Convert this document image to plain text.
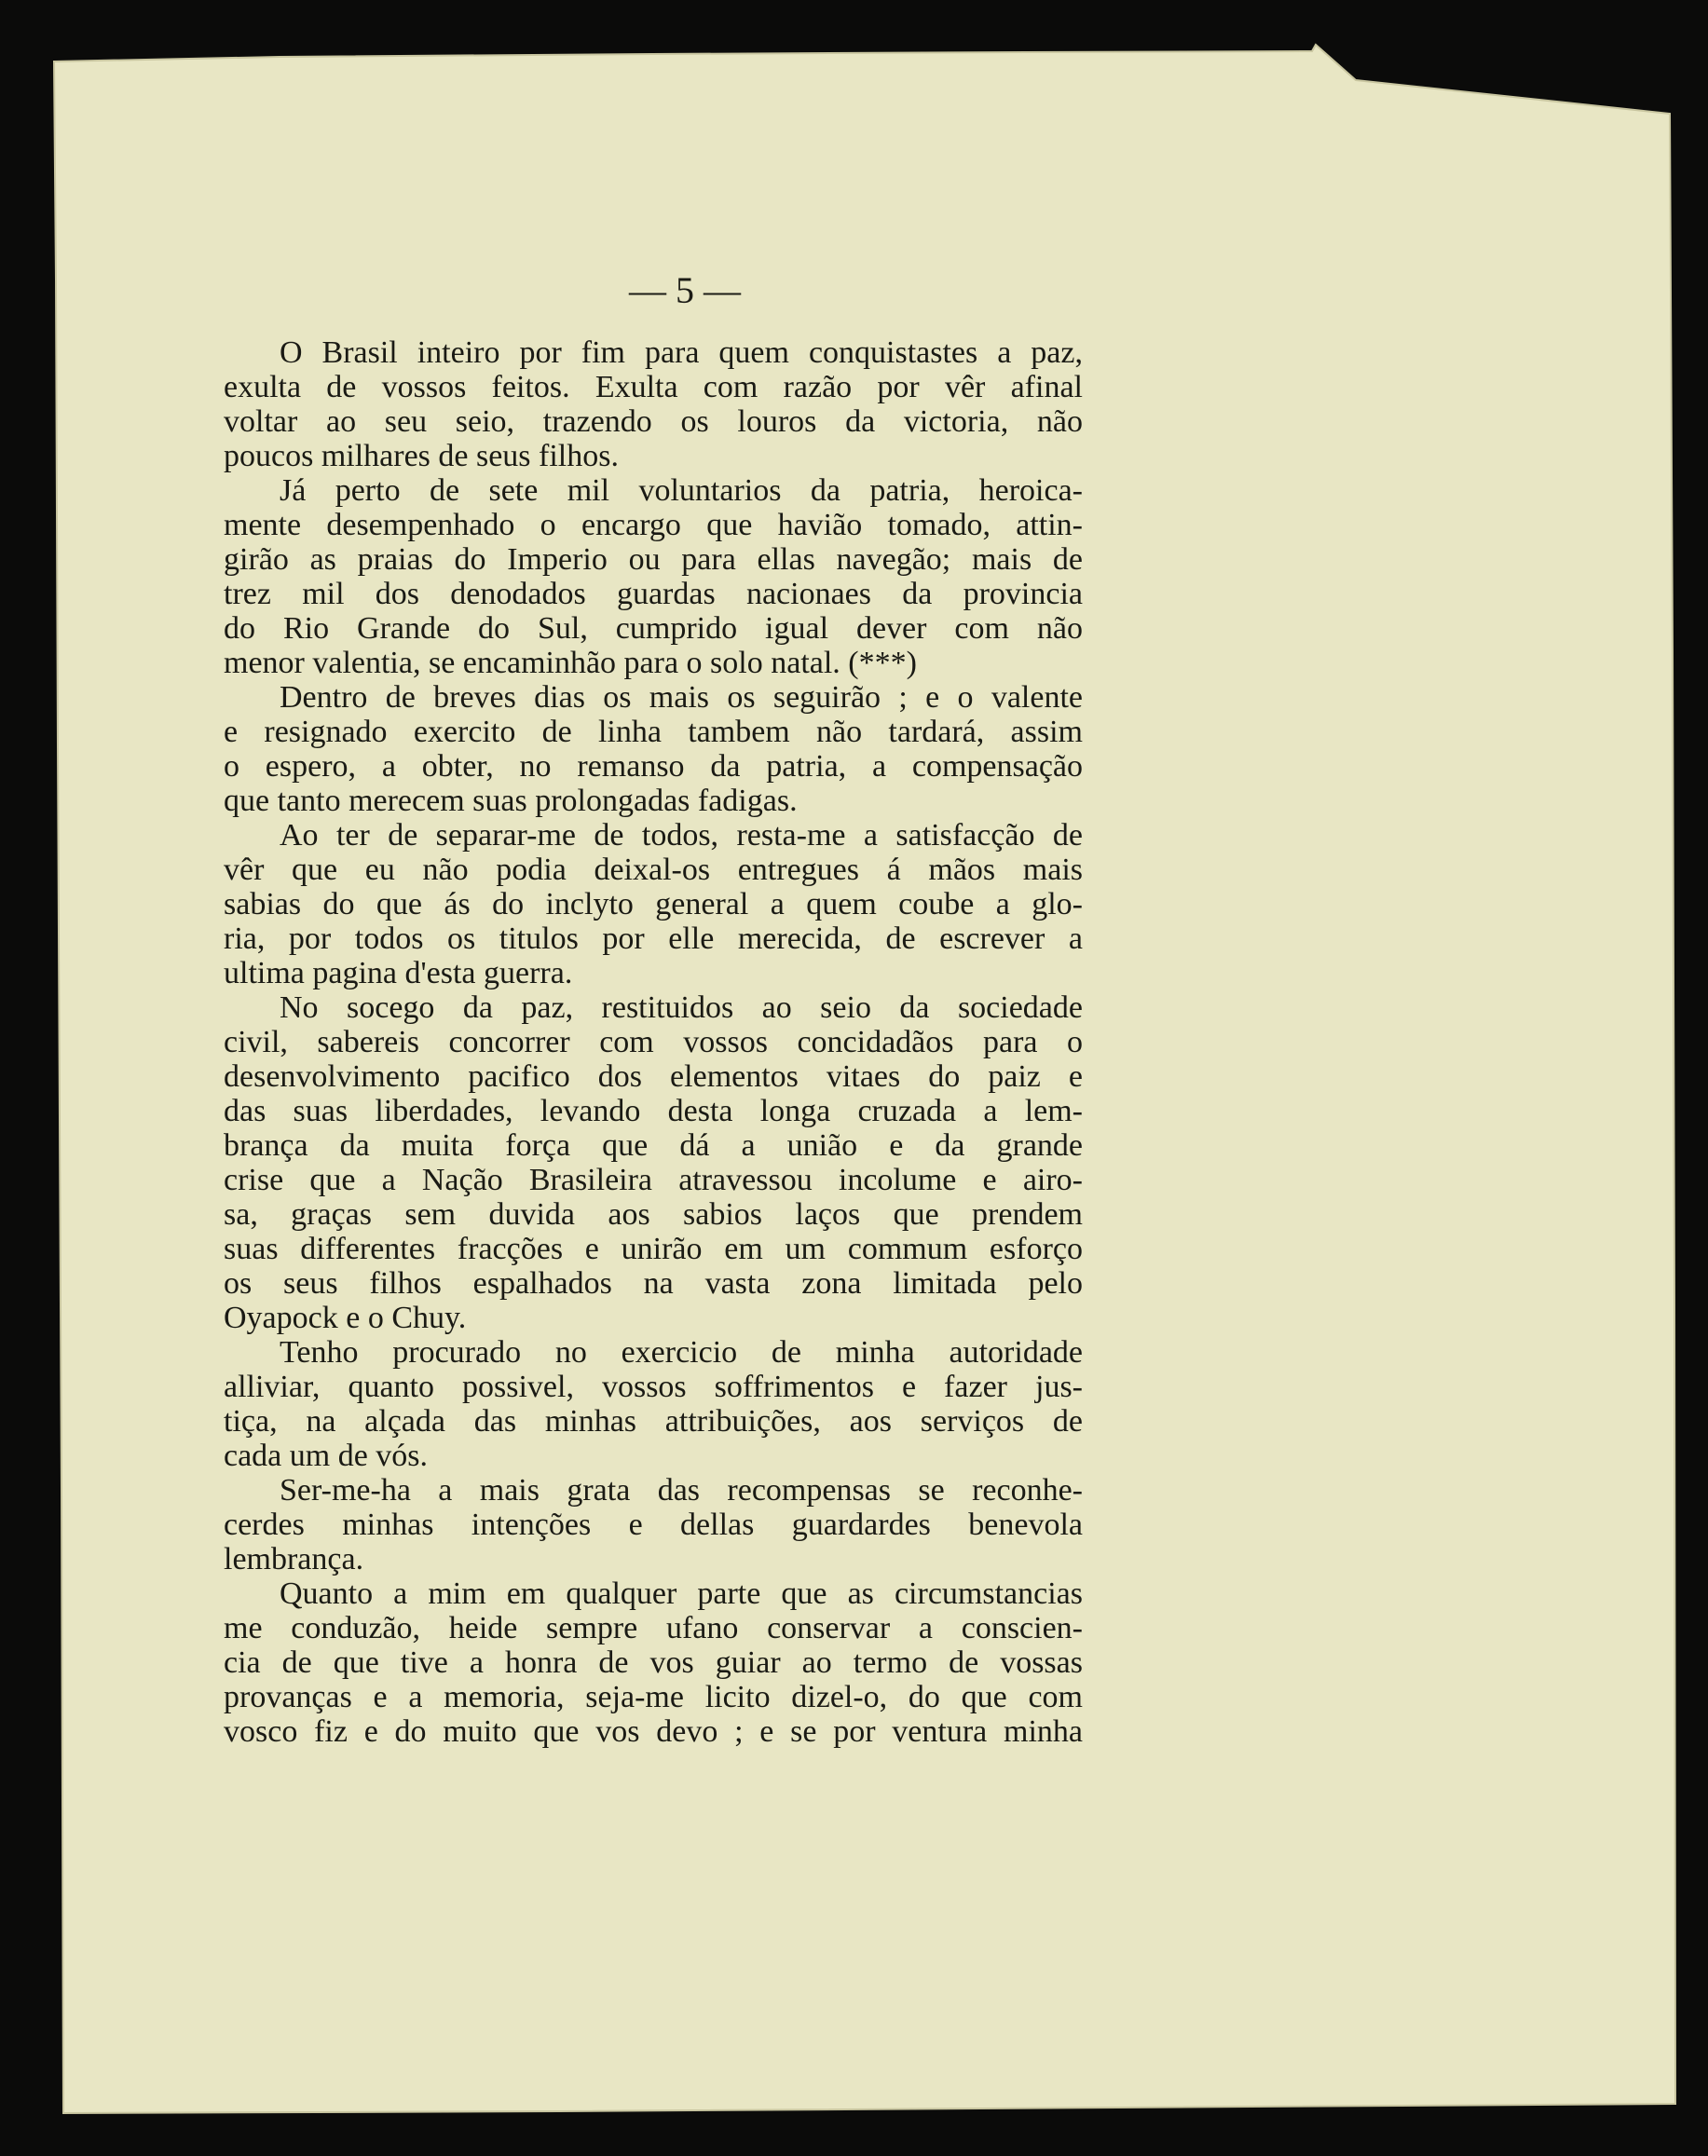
— 5 —
O Brasil inteiro por fim para quem conquistastes a paz,
exulta de vossos feitos. Exulta com razão por vêr afinal
voltar ao seu seio, trazendo os louros da victoria, não
poucos milhares de seus filhos.
Já perto de sete mil voluntarios da patria, heroica-
mente desempenhado o encargo que havião tomado, attin-
girão as praias do Imperio ou para ellas navegão; mais de
trez mil dos denodados guardas nacionaes da provincia
do Rio Grande do Sul, cumprido igual dever com não
menor valentia, se encaminhão para o solo natal. (***)
Dentro de breves dias os mais os seguirão ; e o valente
e resignado exercito de linha tambem não tardará, assim
o espero, a obter, no remanso da patria, a compensação
que tanto merecem suas prolongadas fadigas.
Ao ter de separar-me de todos, resta-me a satisfacção de
vêr que eu não podia deixal-os entregues á mãos mais
sabias do que ás do inclyto general a quem coube a glo-
ria, por todos os titulos por elle merecida, de escrever a
ultima pagina d'esta guerra.
No socego da paz, restituidos ao seio da sociedade
civil, sabereis concorrer com vossos concidadãos para o
desenvolvimento pacifico dos elementos vitaes do paiz e
das suas liberdades, levando desta longa cruzada a lem-
brança da muita força que dá a união e da grande
crise que a Nação Brasileira atravessou incolume e airo-
sa, graças sem duvida aos sabios laços que prendem
suas differentes fracções e unirão em um commum esforço
os seus filhos espalhados na vasta zona limitada pelo
Oyapock e o Chuy.
Tenho procurado no exercicio de minha autoridade
alliviar, quanto possivel, vossos soffrimentos e fazer jus-
tiça, na alçada das minhas attribuições, aos serviços de
cada um de vós.
Ser-me-ha a mais grata das recompensas se reconhe-
cerdes minhas intenções e dellas guardardes benevola
lembrança.
Quanto a mim em qualquer parte que as circumstancias
me conduzão, heide sempre ufano conservar a conscien-
cia de que tive a honra de vos guiar ao termo de vossas
provanças e a memoria, seja-me licito dizel-o, do que com
vosco fiz e do muito que vos devo ; e se por ventura minha
